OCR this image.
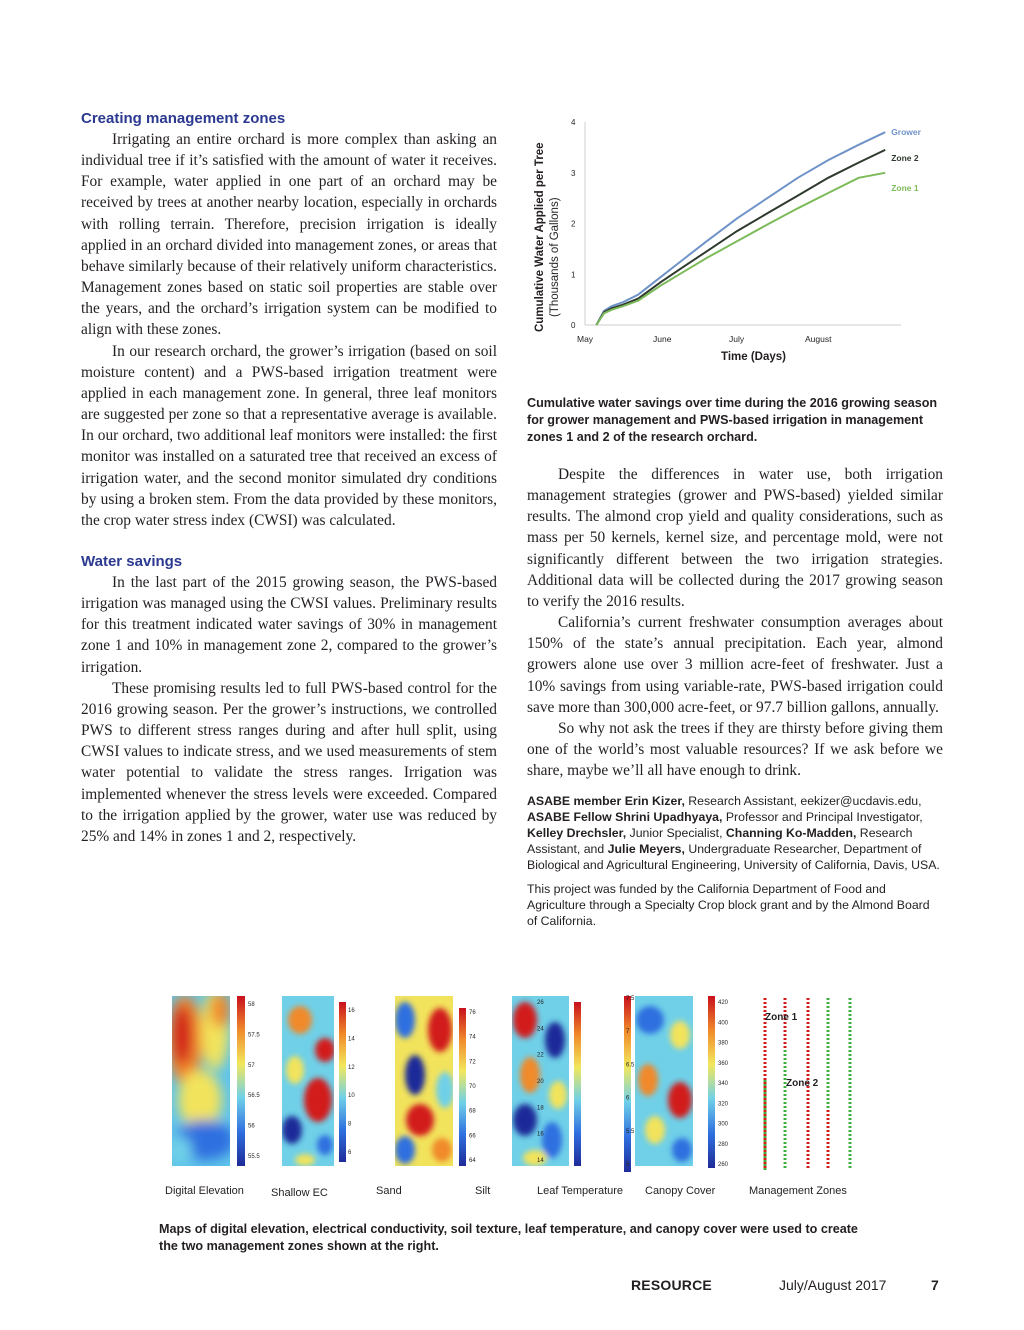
Creating management zones

Irrigating an entire orchard is more complex than asking an individual tree if it’s satisfied with the amount of water it receives. For example, water applied in one part of an orchard may be received by trees at another nearby location, especially in orchards with rolling terrain. Therefore, precision irrigation is ideally applied in an orchard divided into management zones, or areas that behave similarly because of their relatively uniform characteristics. Management zones based on static soil properties are stable over the years, and the orchard’s irrigation system can be modified to align with these zones.

In our research orchard, the grower’s irrigation (based on soil moisture content) and a PWS-based irrigation treatment were applied in each management zone. In general, three leaf monitors are suggested per zone so that a representative average is available. In our orchard, two additional leaf monitors were installed: the first monitor was installed on a saturated tree that received an excess of irrigation water, and the second monitor simulated dry conditions by using a broken stem. From the data provided by these monitors, the crop water stress index (CWSI) was calculated.

Water savings

In the last part of the 2015 growing season, the PWS-based irrigation was managed using the CWSI values. Preliminary results for this treatment indicated water savings of 30% in management zone 1 and 10% in management zone 2, compared to the grower’s irrigation.

These promising results led to full PWS-based control for the 2016 growing season. Per the grower’s instructions, we controlled PWS to different stress ranges during and after hull split, using CWSI values to indicate stress, and we used measurements of stem water potential to validate the stress ranges. Irrigation was implemented whenever the stress levels were exceeded. Compared to the irrigation applied by the grower, water use was reduced by 25% and 14% in zones 1 and 2, respectively.

0
1
2
3
4
May	June	July	August
Grower
Zone 2
Zone 1
Cumulative Water Applied per Tree (Thousands of Gallons)
Time (Days)
Cumulative water savings over time during the 2016 growing season for grower management and PWS-based irrigation in management zones 1 and 2 of the research orchard.

Despite the differences in water use, both irrigation management strategies (grower and PWS-based) yielded similar results. The almond crop yield and quality considerations, such as mass per 50 kernels, kernel size, and percentage mold, were not significantly different between the two irrigation strategies. Additional data will be collected during the 2017 growing season to verify the 2016 results.

California’s current freshwater consumption averages about 150% of the state’s annual precipitation. Each year, almond growers alone use over 3 million acre-feet of freshwater. Just a 10% savings from using variable-rate, PWS-based irrigation could save more than 300,000 acre-feet, or 97.7 billion gallons, annually.

So why not ask the trees if they are thirsty before giving them one of the world’s most valuable resources? If we ask before we share, maybe we’ll all have enough to drink.

ASABE member Erin Kizer, Research Assistant, eekizer@ucdavis.edu, ASABE Fellow Shrini Upadhyaya, Professor and Principal Investigator, Kelley Drechsler, Junior Specialist, Channing Ko-Madden, Research Assistant, and Julie Meyers, Undergraduate Researcher, Department of Biological and Agricultural Engineering, University of California, Davis, USA.

This project was funded by the California Department of Food and Agriculture through a Specialty Crop block grant and by the Almond Board of California.

58
57.5
57
56.5
56
55.5
16
14
12
10
8
6
76
74
72
70
68
66
64
26
24
22
20
18
16
14
7.5
7
6.5
6
5.5
5
420
400
380
360
340
320
300
280
260
Zone 1
Zone 2
Digital Elevation Shallow EC	Sand	Silt	Leaf Temperature Canopy Cover	Management Zones
Maps of digital elevation, electrical conductivity, soil texture, leaf temperature, and canopy cover were used to create the two management zones shown at the right.
RESOURCE	July/August 2017	7
